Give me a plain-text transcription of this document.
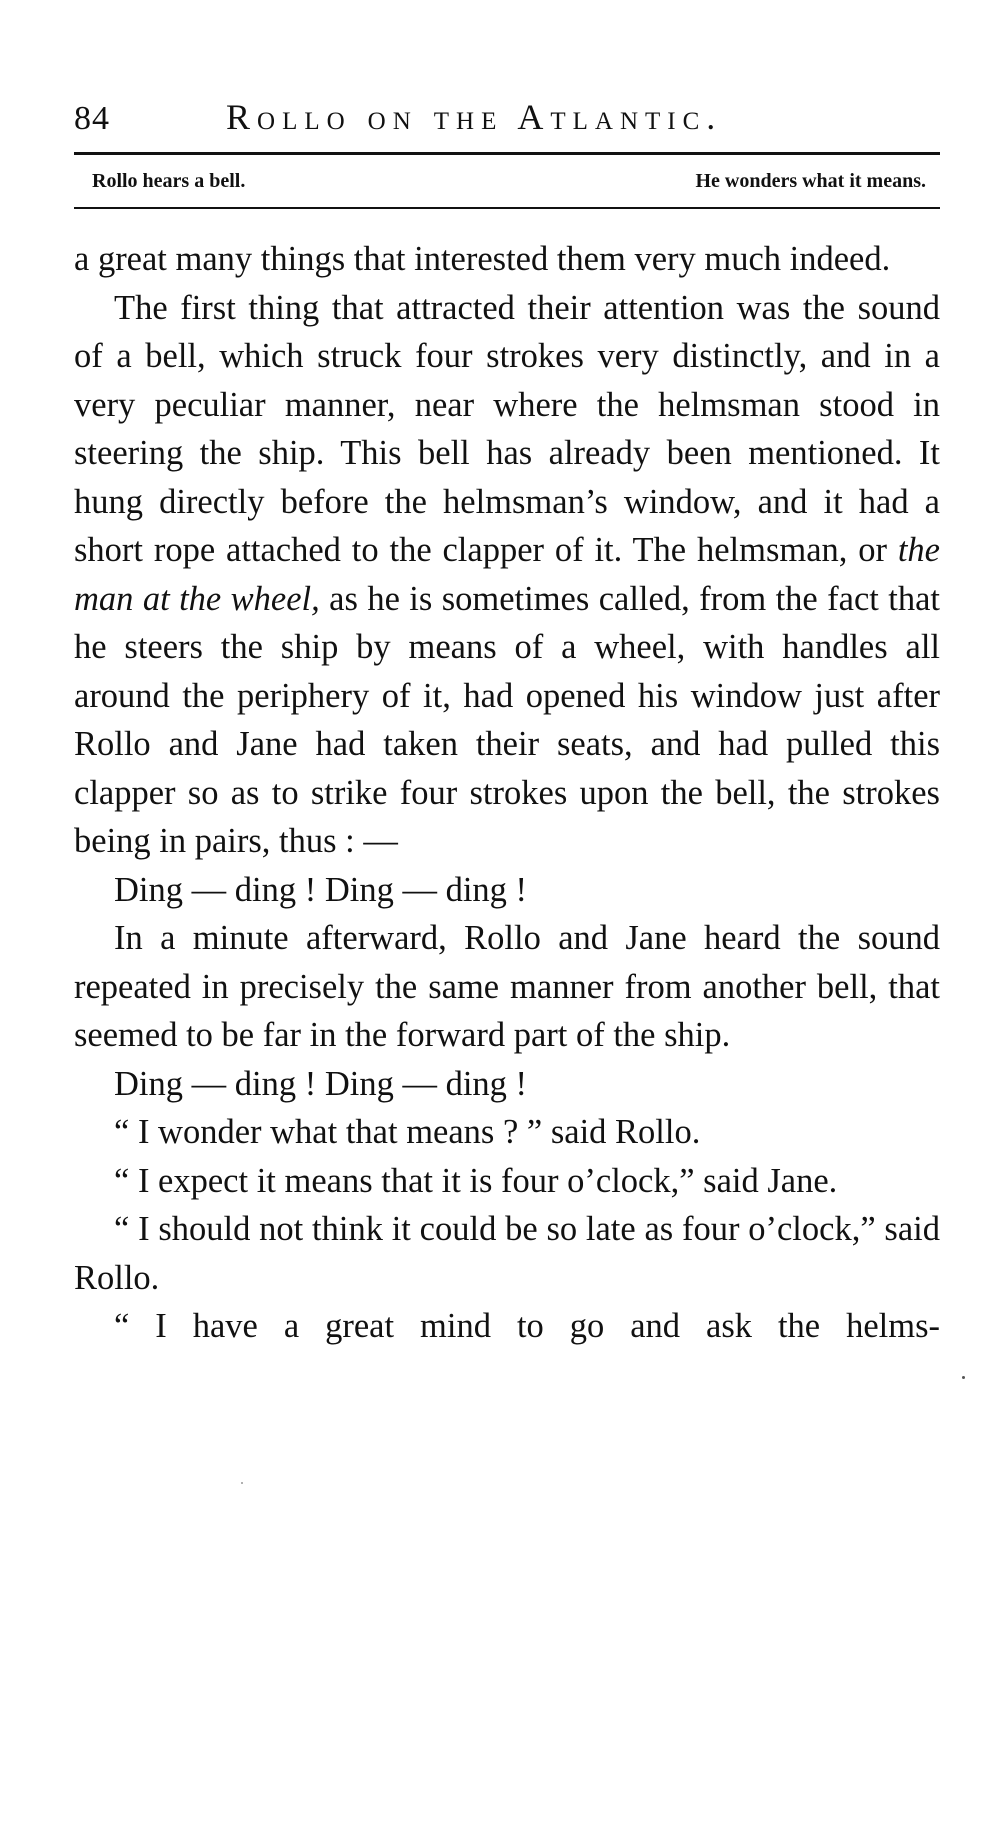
84	Rollo on the Atlantic.
Rollo hears a bell.	He wonders what it means.

a great many things that interested them very much indeed.

The first thing that attracted their attention was the sound of a bell, which struck four strokes very distinctly, and in a very peculiar manner, near where the helmsman stood in steering the ship. This bell has already been mentioned. It hung directly before the helmsman’s window, and it had a short rope attached to the clapper of it. The helmsman, or the man at the wheel, as he is sometimes called, from the fact that he steers the ship by means of a wheel, with handles all around the periphery of it, had opened his window just after Rollo and Jane had taken their seats, and had pulled this clapper so as to strike four strokes upon the bell, the strokes being in pairs, thus : —

Ding — ding ! Ding — ding !

In a minute afterward, Rollo and Jane heard the sound repeated in precisely the same manner from another bell, that seemed to be far in the forward part of the ship.

Ding — ding ! Ding — ding !

“ I wonder what that means ? ” said Rollo.

“ I expect it means that it is four o’clock,” said Jane.

“ I should not think it could be so late as four o’clock,” said Rollo.

“ I have a great mind to go and ask the helms-
